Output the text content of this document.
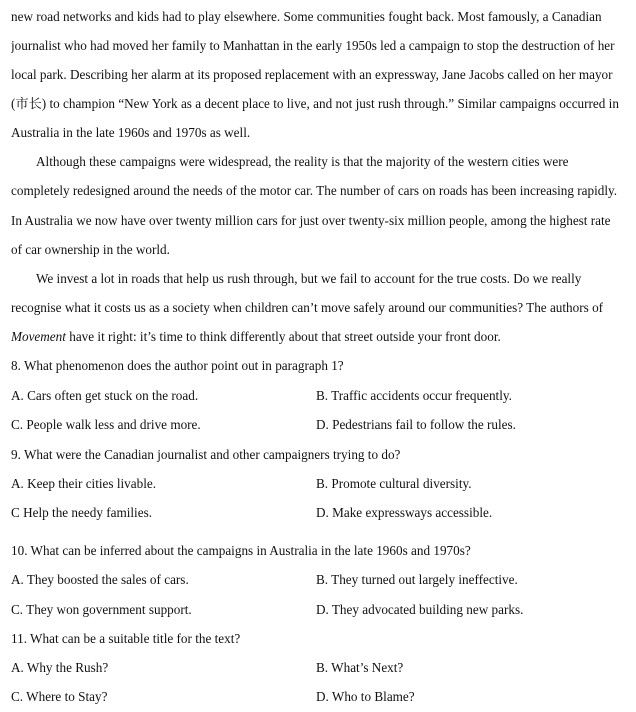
new road networks and kids had to play elsewhere. Some communities fought back. Most famously, a Canadian
journalist who had moved her family to Manhattan in the early 1950s led a campaign to stop the destruction of her
local park. Describing her alarm at its proposed replacement with an expressway, Jane Jacobs called on her mayor
(市长) to champion “New York as a decent place to live, and not just rush through.” Similar campaigns occurred in
Australia in the late 1960s and 1970s as well.
Although these campaigns were widespread, the reality is that the majority of the western cities were
completely redesigned around the needs of the motor car. The number of cars on roads has been increasing rapidly.
In Australia we now have over twenty million cars for just over twenty-six million people, among the highest rate
of car ownership in the world.
We invest a lot in roads that help us rush through, but we fail to account for the true costs. Do we really
recognise what it costs us as a society when children can’t move safely around our communities? The authors of
Movement have it right: it’s time to think differently about that street outside your front door.
8. What phenomenon does the author point out in paragraph 1?
A. Cars often get stuck on the road.	B. Traffic accidents occur frequently.
C. People walk less and drive more.	D. Pedestrians fail to follow the rules.
9. What were the Canadian journalist and other campaigners trying to do?
A. Keep their cities livable.	B. Promote cultural diversity.
C Help the needy families.	D. Make expressways accessible.
10. What can be inferred about the campaigns in Australia in the late 1960s and 1970s?
A. They boosted the sales of cars.	B. They turned out largely ineffective.
C. They won government support.	D. They advocated building new parks.
11. What can be a suitable title for the text?
A. Why the Rush?	B. What’s Next?
C. Where to Stay?	D. Who to Blame?
